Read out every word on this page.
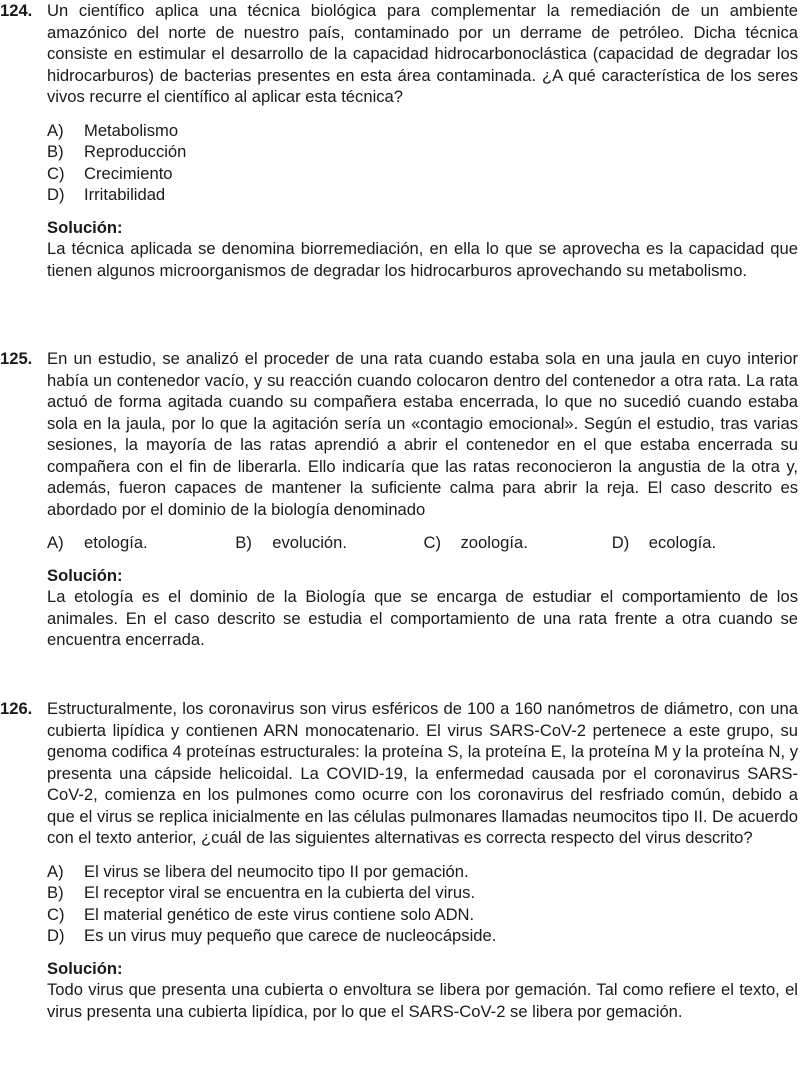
124. Un científico aplica una técnica biológica para complementar la remediación de un ambiente amazónico del norte de nuestro país, contaminado por un derrame de petróleo. Dicha técnica consiste en estimular el desarrollo de la capacidad hidrocarbonoclástica (capacidad de degradar los hidrocarburos) de bacterias presentes en esta área contaminada. ¿A qué característica de los seres vivos recurre el científico al aplicar esta técnica?
A)	Metabolismo
B)	Reproducción
C)	Crecimiento
D)	Irritabilidad
Solución:
La técnica aplicada se denomina biorremediación, en ella lo que se aprovecha es la capacidad que tienen algunos microorganismos de degradar los hidrocarburos aprovechando su metabolismo.
125. En un estudio, se analizó el proceder de una rata cuando estaba sola en una jaula en cuyo interior había un contenedor vacío, y su reacción cuando colocaron dentro del contenedor a otra rata. La rata actuó de forma agitada cuando su compañera estaba encerrada, lo que no sucedió cuando estaba sola en la jaula, por lo que la agitación sería un «contagio emocional». Según el estudio, tras varias sesiones, la mayoría de las ratas aprendió a abrir el contenedor en el que estaba encerrada su compañera con el fin de liberarla. Ello indicaría que las ratas reconocieron la angustia de la otra y, además, fueron capaces de mantener la suficiente calma para abrir la reja. El caso descrito es abordado por el dominio de la biología denominado
A) etología.	B) evolución.	C) zoología.	D) ecología.
Solución:
La etología es el dominio de la Biología que se encarga de estudiar el comportamiento de los animales. En el caso descrito se estudia el comportamiento de una rata frente a otra cuando se encuentra encerrada.
126. Estructuralmente, los coronavirus son virus esféricos de 100 a 160 nanómetros de diámetro, con una cubierta lipídica y contienen ARN monocatenario. El virus SARS-CoV-2 pertenece a este grupo, su genoma codifica 4 proteínas estructurales: la proteína S, la proteína E, la proteína M y la proteína N, y presenta una cápside helicoidal. La COVID-19, la enfermedad causada por el coronavirus SARS-CoV-2, comienza en los pulmones como ocurre con los coronavirus del resfriado común, debido a que el virus se replica inicialmente en las células pulmonares llamadas neumocitos tipo II. De acuerdo con el texto anterior, ¿cuál de las siguientes alternativas es correcta respecto del virus descrito?
A)	El virus se libera del neumocito tipo II por gemación.
B)	El receptor viral se encuentra en la cubierta del virus.
C)	El material genético de este virus contiene solo ADN.
D)	Es un virus muy pequeño que carece de nucleocápside.
Solución:
Todo virus que presenta una cubierta o envoltura se libera por gemación. Tal como refiere el texto, el virus presenta una cubierta lipídica, por lo que el SARS-CoV-2 se libera por gemación.
